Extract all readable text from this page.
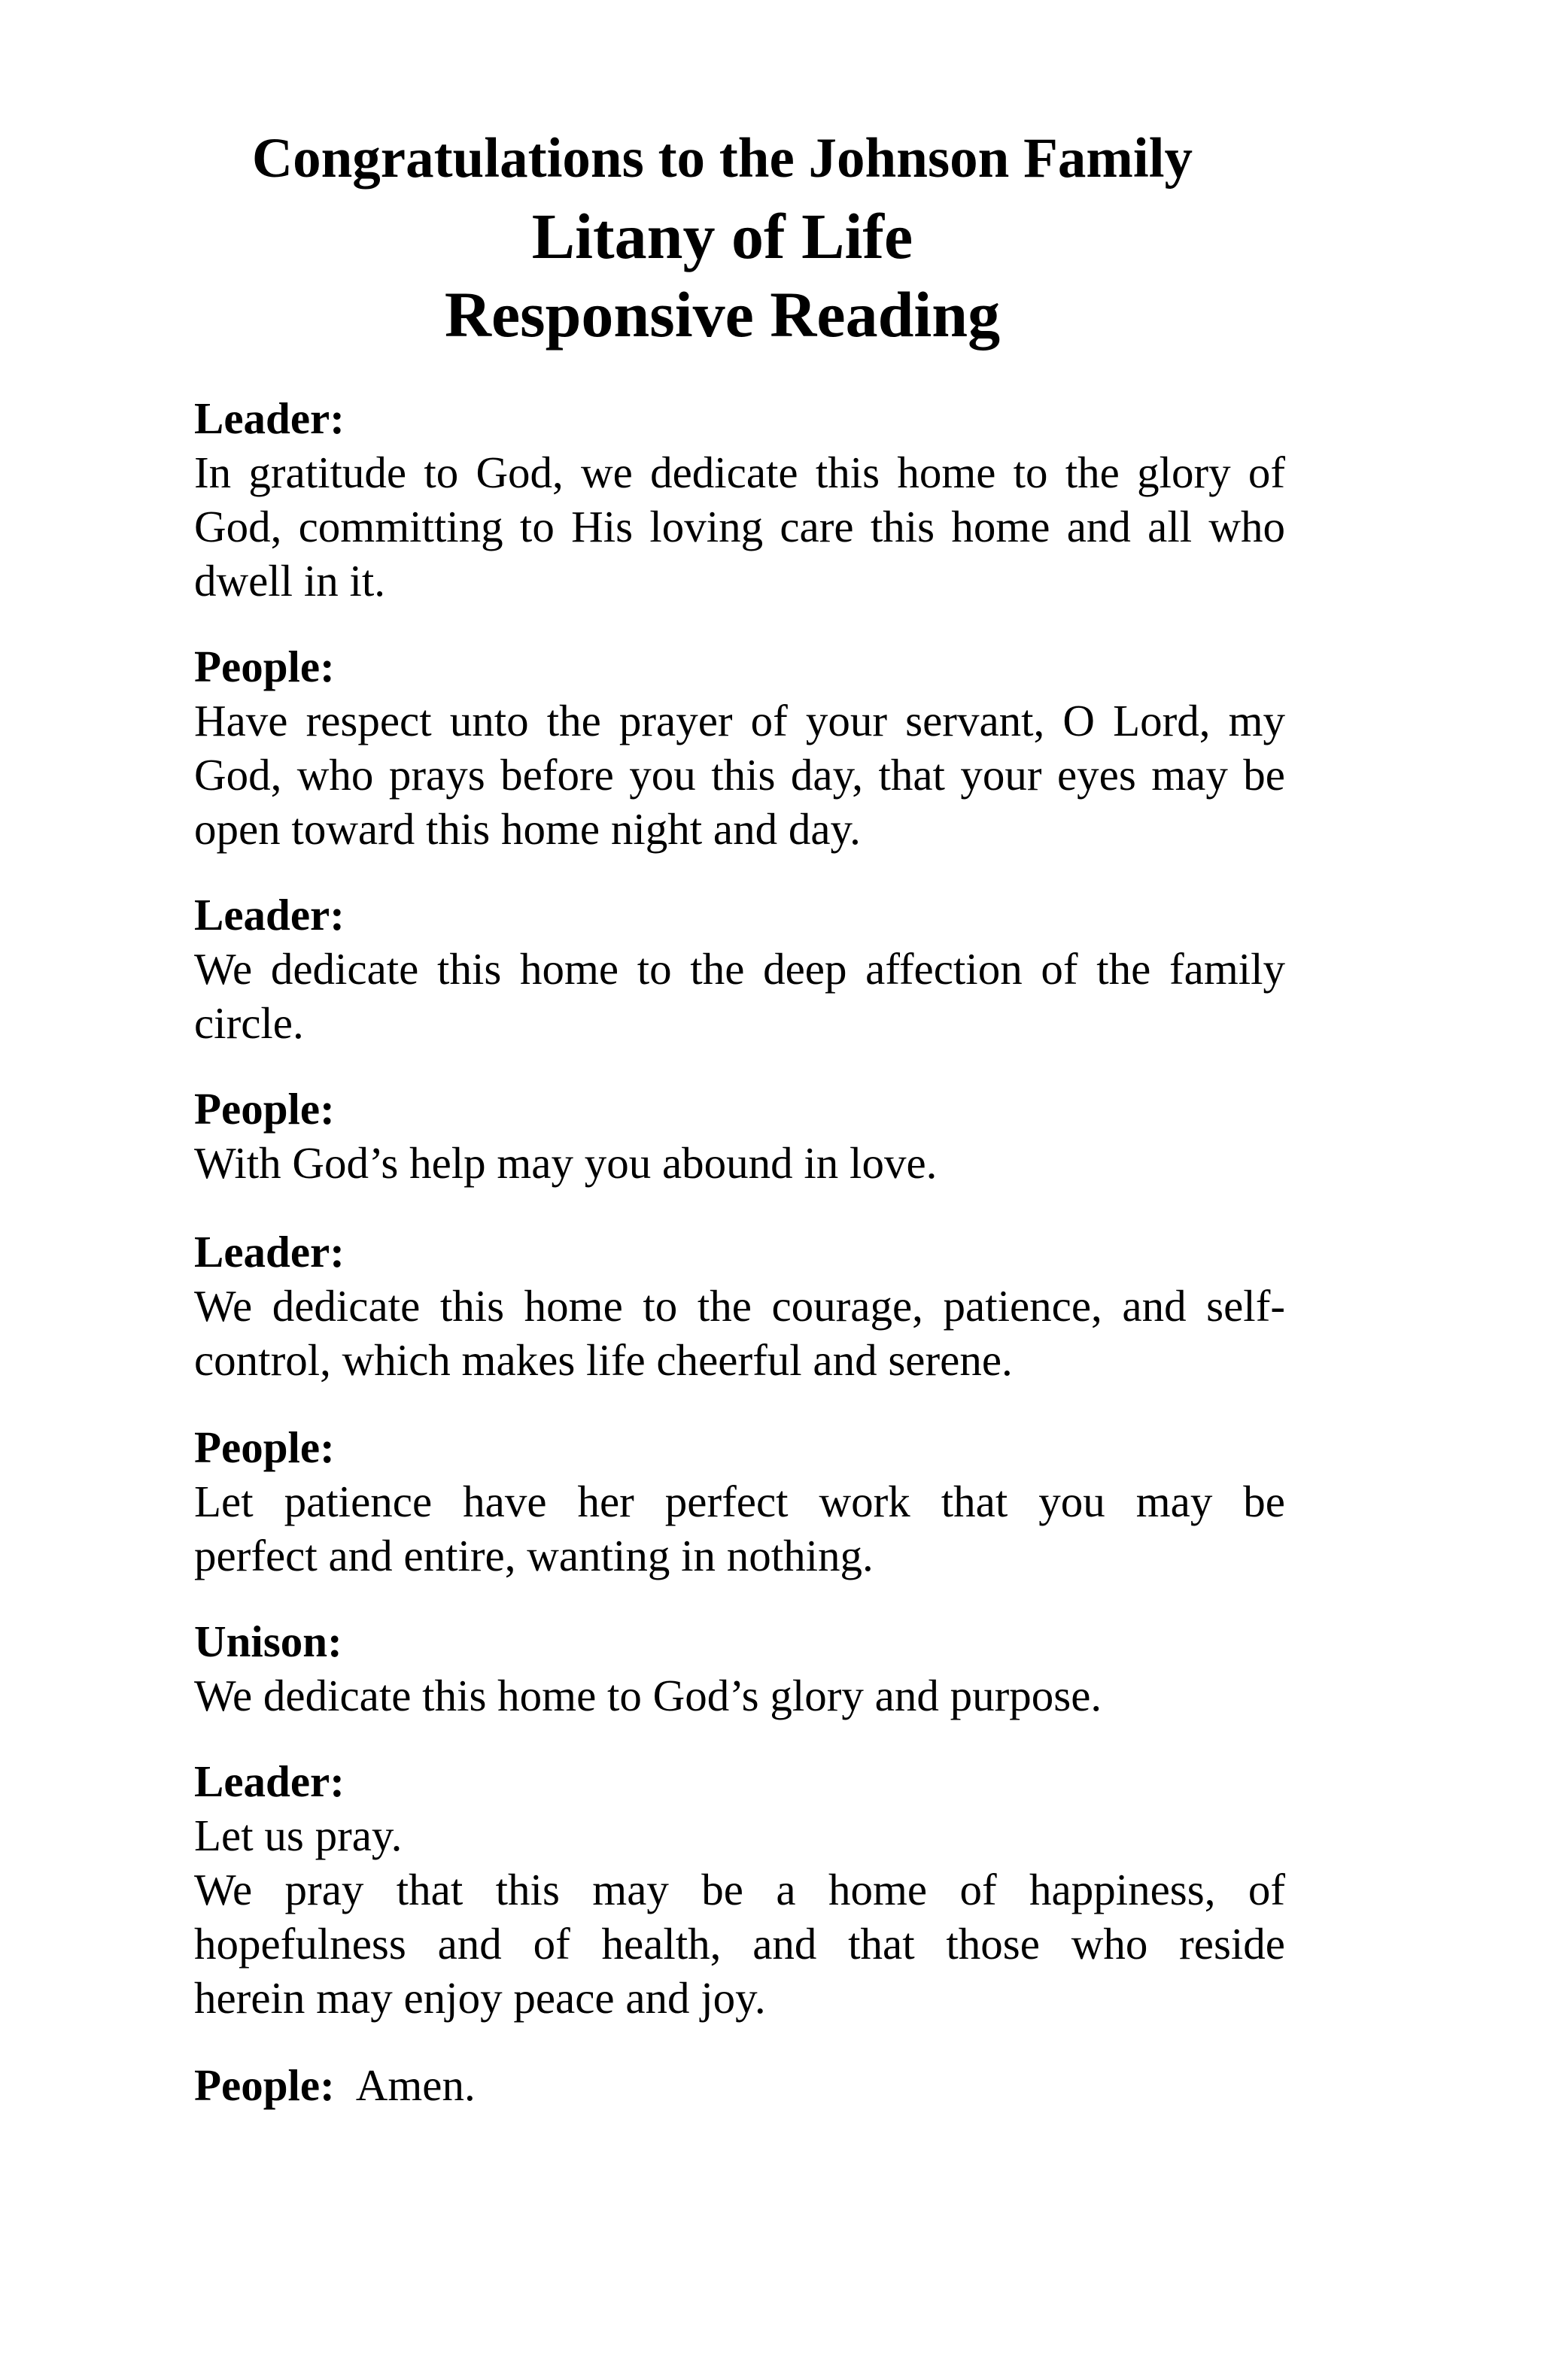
Congratulations to the Johnson Family
Litany of Life
Responsive Reading

Leader:

In gratitude to God, we dedicate this home to the glory of

God, committing to His loving care this home and all who

dwell in it.

People:

Have respect unto the prayer of your servant, O Lord, my

God, who prays before you this day, that your eyes may be

open toward this home night and day.

Leader:

We dedicate this home to the deep affection of the family

circle.

People:

With God’s help may you abound in love.

Leader:

We dedicate this home to the courage, patience, and self-

control, which makes life cheerful and serene.

People:

Let patience have her perfect work that you may be

perfect and entire, wanting in nothing.

Unison:

We dedicate this home to God’s glory and purpose.

Leader:

Let us pray.

We pray that this may be a home of happiness, of

hopefulness and of health, and that those who reside

herein may enjoy peace and joy.

People: Amen.
